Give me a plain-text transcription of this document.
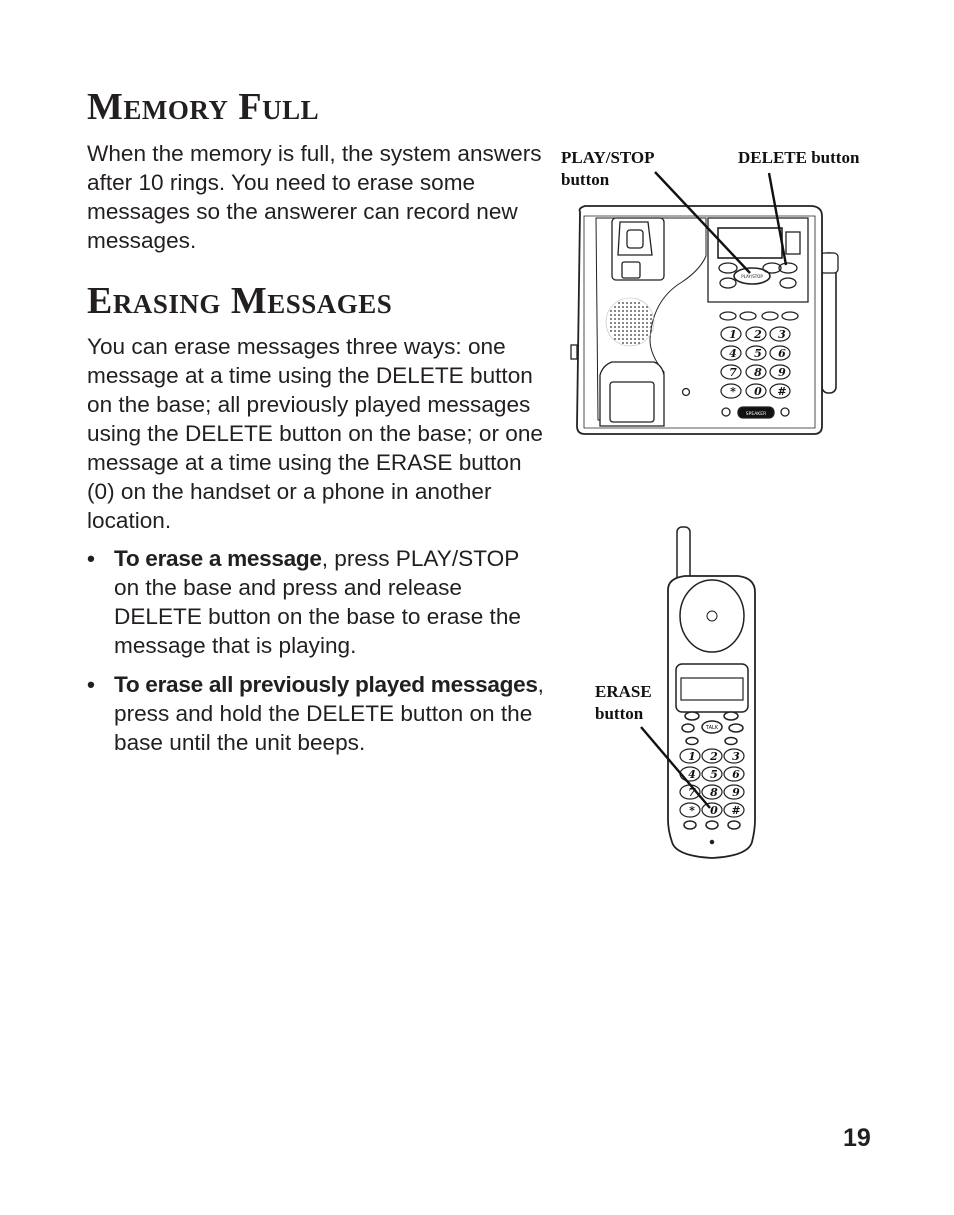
Memory Full

When the memory is full, the system answers after 10 rings. You need to erase some messages so the answerer can record new messages.

Erasing Messages

You can erase messages three ways: one message at a time using the DELETE button on the base; all previously played messages using the DELETE button on the base; or one message at a time using the ERASE button (0) on the handset or a phone in another location.

• To erase a message, press PLAY/STOP on the base and press and release DELETE button on the base to erase the message that is playing.
• To erase all previously played messages, press and hold the DELETE button on the base until the unit beeps.
PLAY/STOP
button
DELETE button
ERASE
button
1 2 3
4 5 6
7 8 9
* 0 #
SPEAKER
PLAY/STOP
1 2 3
4 5 6
7 8 9
* 0 #
TALK
19
